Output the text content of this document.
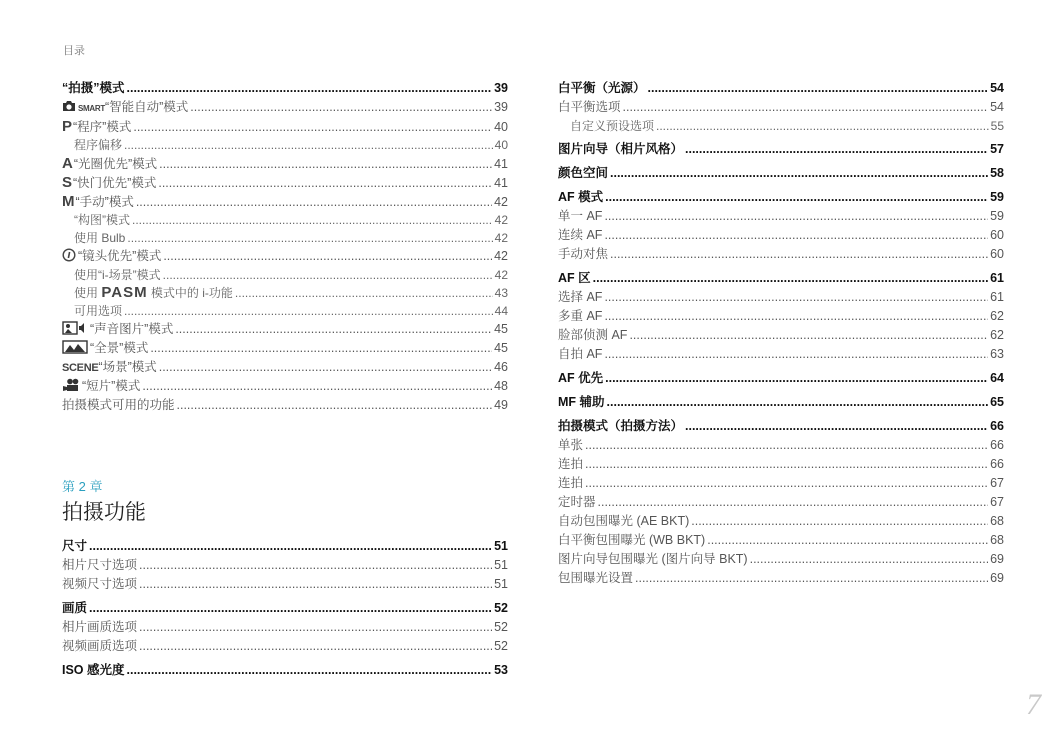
目录
“拍摄”模式 .....	39
SMART“智能自动”模式 .....	39
P“程序”模式 .....	40
程序偏移 .....	40
A“光圈优先”模式 .....	41
S“快门优先”模式 .....	41
M“手动”模式 .....	42
“构图”模式 .....	42
使用 Bulb .....	42
“镜头优先”模式 .....	42
使用“i-场景”模式 .....	42
使用 PASM 模式中的 i-功能 .....	43
可用选项 .....	44
“声音图片”模式 .....	45
“全景”模式 .....	45
SCENE“场景”模式 .....	46
“短片”模式 .....	48
拍摄模式可用的功能 .....	49
第 2 章
拍摄功能
尺寸 .....	51
相片尺寸选项 .....	51
视频尺寸选项 .....	51
画质 .....	52
相片画质选项 .....	52
视频画质选项 .....	52
ISO 感光度 .....	53
白平衡（光源） .....	54
白平衡选项 .....	54
自定义预设选项 .....	55
图片向导（相片风格） .....	57
颜色空间 .....	58
AF 模式 .....	59
单一 AF .....	59
连续 AF .....	60
手动对焦 .....	60
AF 区 .....	61
选择 AF .....	61
多重 AF .....	62
脸部侦测 AF .....	62
自拍 AF .....	63
AF 优先 .....	64
MF 辅助 .....	65
拍摄模式（拍摄方法） .....	66
单张 .....	66
连拍 .....	66
连拍 .....	67
定时器 .....	67
自动包围曝光 (AE BKT) .....	68
白平衡包围曝光 (WB BKT) .....	68
图片向导包围曝光 (图片向导 BKT) .....	69
包围曝光设置 .....	69
7
